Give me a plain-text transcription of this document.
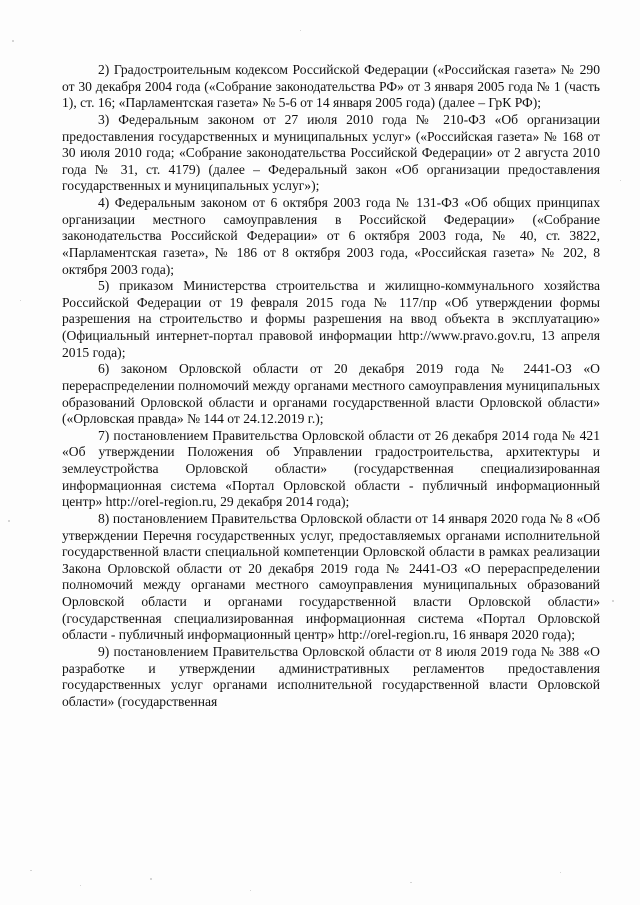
2) Градостроительным кодексом Российской Федерации («Российская газета» № 290 от 30 декабря 2004 года («Собрание законодательства РФ» от 3 января 2005 года № 1 (часть 1), ст. 16; «Парламентская газета» № 5-6 от 14 января 2005 года) (далее – ГрК РФ);

3) Федеральным законом от 27 июля 2010 года № 210-ФЗ «Об организации предоставления государственных и муниципальных услуг» («Российская газета» № 168 от 30 июля 2010 года; «Собрание законодательства Российской Федерации» от 2 августа 2010 года № 31, ст. 4179) (далее – Федеральный закон «Об организации предоставления государственных и муниципальных услуг»);

4) Федеральным законом от 6 октября 2003 года № 131-ФЗ «Об общих принципах организации местного самоуправления в Российской Федерации» («Собрание законодательства Российской Федерации» от 6 октября 2003 года, № 40, ст. 3822, «Парламентская газета», № 186 от 8 октября 2003 года, «Российская газета» № 202, 8 октября 2003 года);

5) приказом Министерства строительства и жилищно-коммунального хозяйства Российской Федерации от 19 февраля 2015 года № 117/пр «Об утверждении формы разрешения на строительство и формы разрешения на ввод объекта в эксплуатацию» (Официальный интернет-портал правовой информации http://www.pravo.gov.ru, 13 апреля 2015 года);

6) законом Орловской области от 20 декабря 2019 года № 2441-ОЗ «О перераспределении полномочий между органами местного самоуправления муниципальных образований Орловской области и органами государственной власти Орловской области» («Орловская правда» № 144 от 24.12.2019 г.);

7) постановлением Правительства Орловской области от 26 декабря 2014 года № 421 «Об утверждении Положения об Управлении градостроительства, архитектуры и землеустройства Орловской области» (государственная специализированная информационная система «Портал Орловской области - публичный информационный центр» http://orel-region.ru, 29 декабря 2014 года);

8) постановлением Правительства Орловской области от 14 января 2020 года № 8 «Об утверждении Перечня государственных услуг, предоставляемых органами исполнительной государственной власти специальной компетенции Орловской области в рамках реализации Закона Орловской области от 20 декабря 2019 года № 2441-ОЗ «О перераспределении полномочий между органами местного самоуправления муниципальных образований Орловской области и органами государственной власти Орловской области» (государственная специализированная информационная система «Портал Орловской области - публичный информационный центр» http://orel-region.ru, 16 января 2020 года);

9) постановлением Правительства Орловской области от 8 июля 2019 года № 388 «О разработке и утверждении административных регламентов предоставления государственных услуг органами исполнительной государственной власти Орловской области» (государственная
